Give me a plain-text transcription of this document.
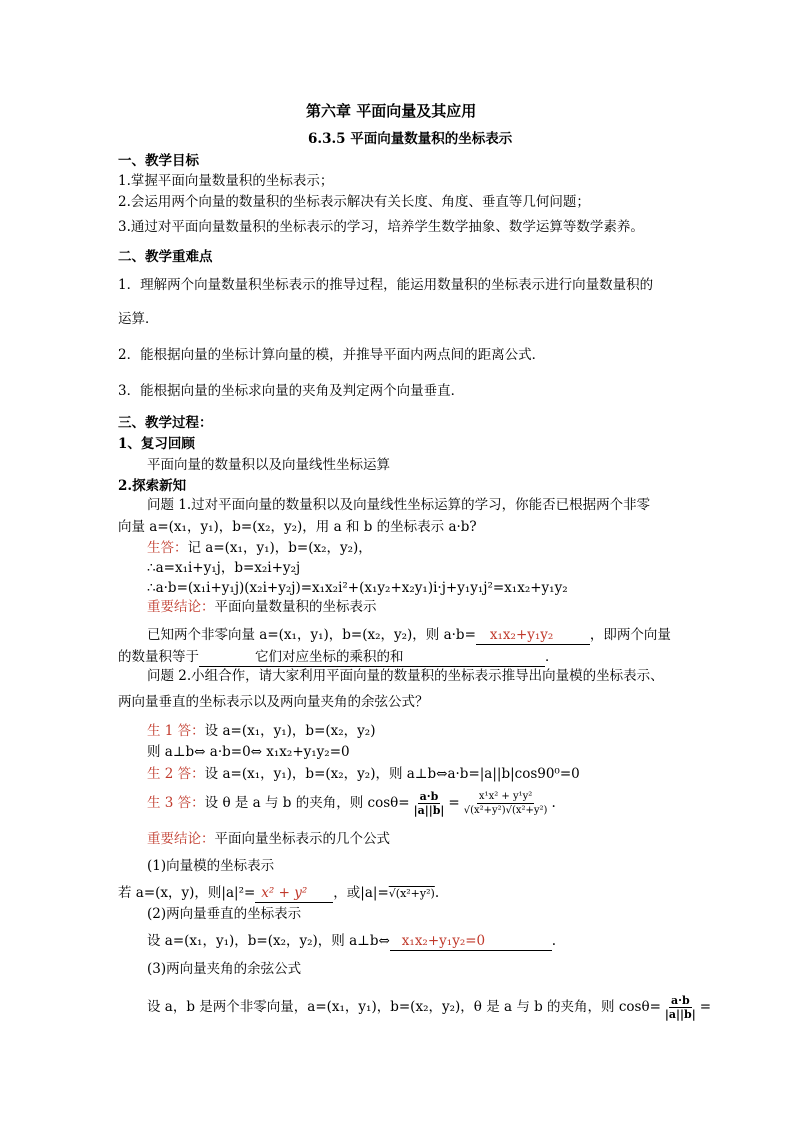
第六章 平面向量及其应用
6.3.5 平面向量数量积的坐标表示
一、教学目标
1.掌握平面向量数量积的坐标表示；
2.会运用两个向量的数量积的坐标表示解决有关长度、角度、垂直等几何问题；
3.通过对平面向量数量积的坐标表示的学习，培养学生数学抽象、数学运算等数学素养。
二、教学重难点
1．理解两个向量数量积坐标表示的推导过程，能运用数量积的坐标表示进行向量数量积的
运算．
2．能根据向量的坐标计算向量的模，并推导平面内两点间的距离公式．
3．能根据向量的坐标求向量的夹角及判定两个向量垂直．
三、教学过程：
1、复习回顾
平面向量的数量积以及向量线性坐标运算
2.探索新知
问题 1.过对平面向量的数量积以及向量线性坐标运算的学习，你能否已根据两个非零
向量 a=(x₁，y₁)，b=(x₂，y₂)，用 a 和 b 的坐标表示 a·b?
生答：记 a=(x₁，y₁)，b=(x₂，y₂)，
∴a=x₁i+y₁j，b=x₂i+y₂j
∴a·b=(x₁i+y₁j)(x₂i+y₂j)=x₁x₂i²+(x₁y₂+x₂y₁)i·j+y₁y₁j²=x₁x₂+y₁y₂
重要结论：平面向量数量积的坐标表示
已知两个非零向量 a=(x₁，y₁)，b=(x₂，y₂)，则 a·b= x₁x₂+y₁y₂	，即两个向量
的数量积等于	它们对应坐标的乘积的和	．
问题 2.小组合作，请大家利用平面向量的数量积的坐标表示推导出向量模的坐标表示、
两向量垂直的坐标表示以及两向量夹角的余弦公式？
生 1 答：设 a=(x₁，y₁)，b=(x₂，y₂)
则 a⊥b⇔ a·b=0⇔ x₁x₂+y₁y₂=0
生 2 答：设 a=(x₁，y₁)，b=(x₂，y₂)，则 a⊥b⇔a·b=|a||b|cos90⁰=0
生 3 答：设 θ 是 a 与 b 的夹角，则 $\cos\theta= \frac{a\cdot b}{|a||b|} = \frac{\text{x¹x² + y¹y²}}{\text{√(x²+y²)√(x²+y²)}}$ .
重要结论：平面向量坐标表示的几个公式
(1)向量模的坐标表示
若 a=(x，y)，则|a|²= x² + y² ，或|a|=√(x²+y²).
(2)两向量垂直的坐标表示
设 a=(x₁，y₁)，b=(x₂，y₂)，则 a⊥b⇔ x₁x₂+y₁y₂=0	.
(3)两向量夹角的余弦公式
设 a，b 是两个非零向量，a=(x₁，y₁)，b=(x₂，y₂)，θ 是 a 与 b 的夹角，则 $\cos\theta= \frac{a\cdot b}{|a||b|}$ =
